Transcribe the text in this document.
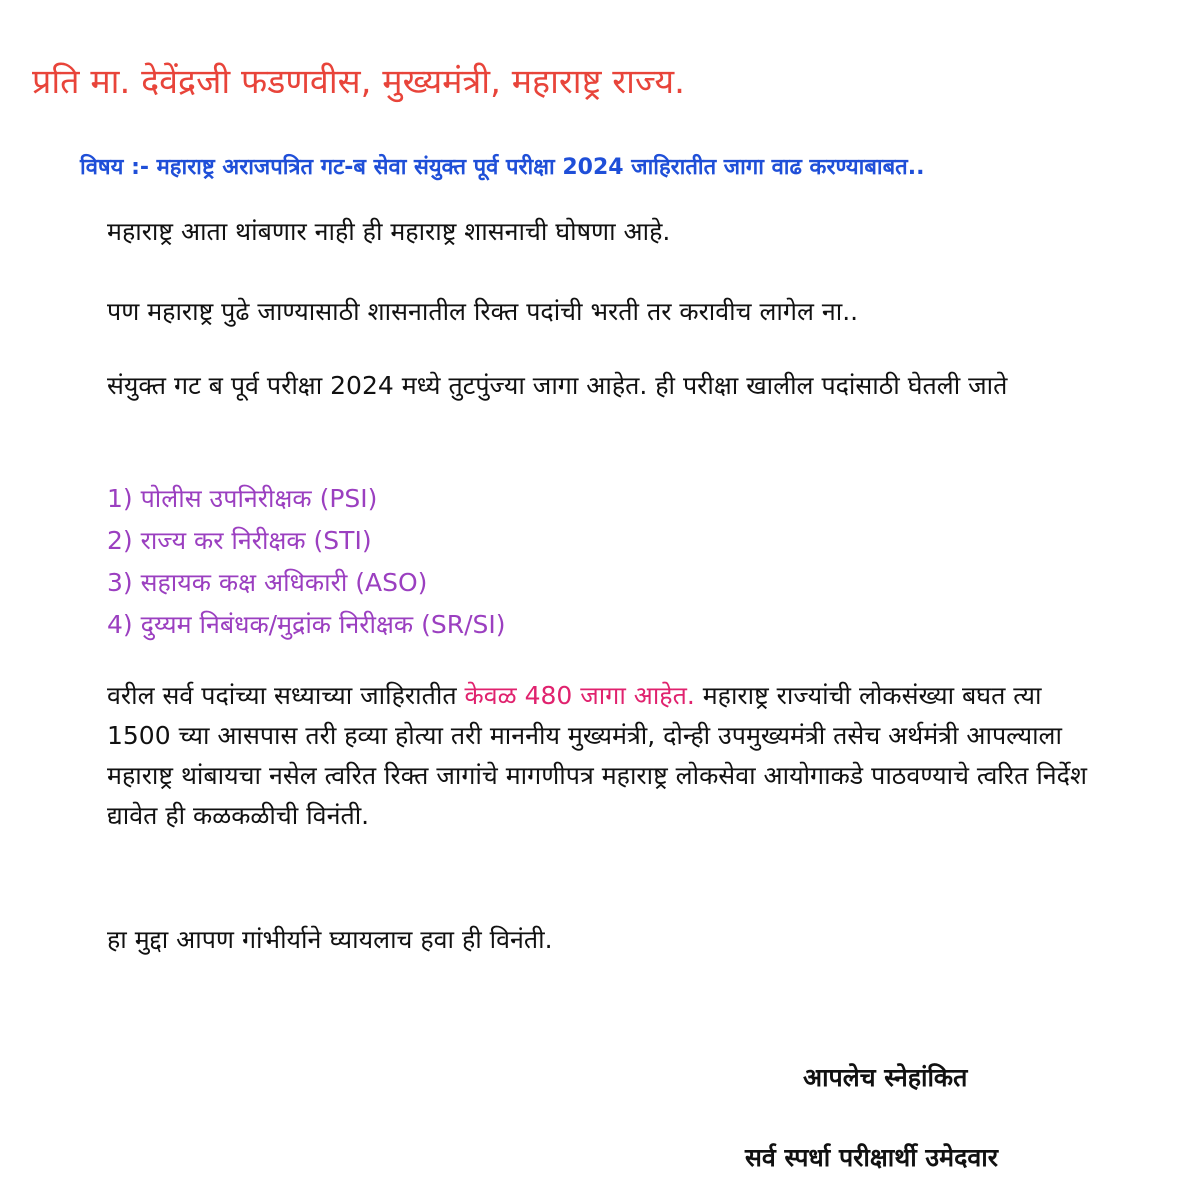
प्रति मा. देवेंद्रजी फडणवीस, मुख्यमंत्री, महाराष्ट्र राज्य.
विषय :- महाराष्ट्र अराजपत्रित गट-ब सेवा संयुक्त पूर्व परीक्षा 2024 जाहिरातीत जागा वाढ करण्याबाबत..

महाराष्ट्र आता थांबणार नाही ही महाराष्ट्र शासनाची घोषणा आहे.

पण महाराष्ट्र पुढे जाण्यासाठी शासनातील रिक्त पदांची भरती तर करावीच लागेल ना..

संयुक्त गट ब पूर्व परीक्षा 2024 मध्ये तुटपुंज्या जागा आहेत. ही परीक्षा खालील पदांसाठी घेतली जाते

1) पोलीस उपनिरीक्षक (PSI)
2) राज्य कर निरीक्षक (STI)
3) सहायक कक्ष अधिकारी (ASO)
4) दुय्यम निबंधक/मुद्रांक निरीक्षक (SR/SI)

वरील सर्व पदांच्या सध्याच्या जाहिरातीत केवळ 480 जागा आहेत. महाराष्ट्र राज्यांची लोकसंख्या बघत त्या 1500 च्या आसपास तरी हव्या होत्या तरी माननीय मुख्यमंत्री, दोन्ही उपमुख्यमंत्री तसेच अर्थमंत्री आपल्याला महाराष्ट्र थांबायचा नसेल त्वरित रिक्त जागांचे मागणीपत्र महाराष्ट्र लोकसेवा आयोगाकडे पाठवण्याचे त्वरित निर्देश द्यावेत ही कळकळीची विनंती.

हा मुद्दा आपण गांभीर्याने घ्यायलाच हवा ही विनंती.

आपलेच स्नेहांकित
सर्व स्पर्धा परीक्षार्थी उमेदवार
